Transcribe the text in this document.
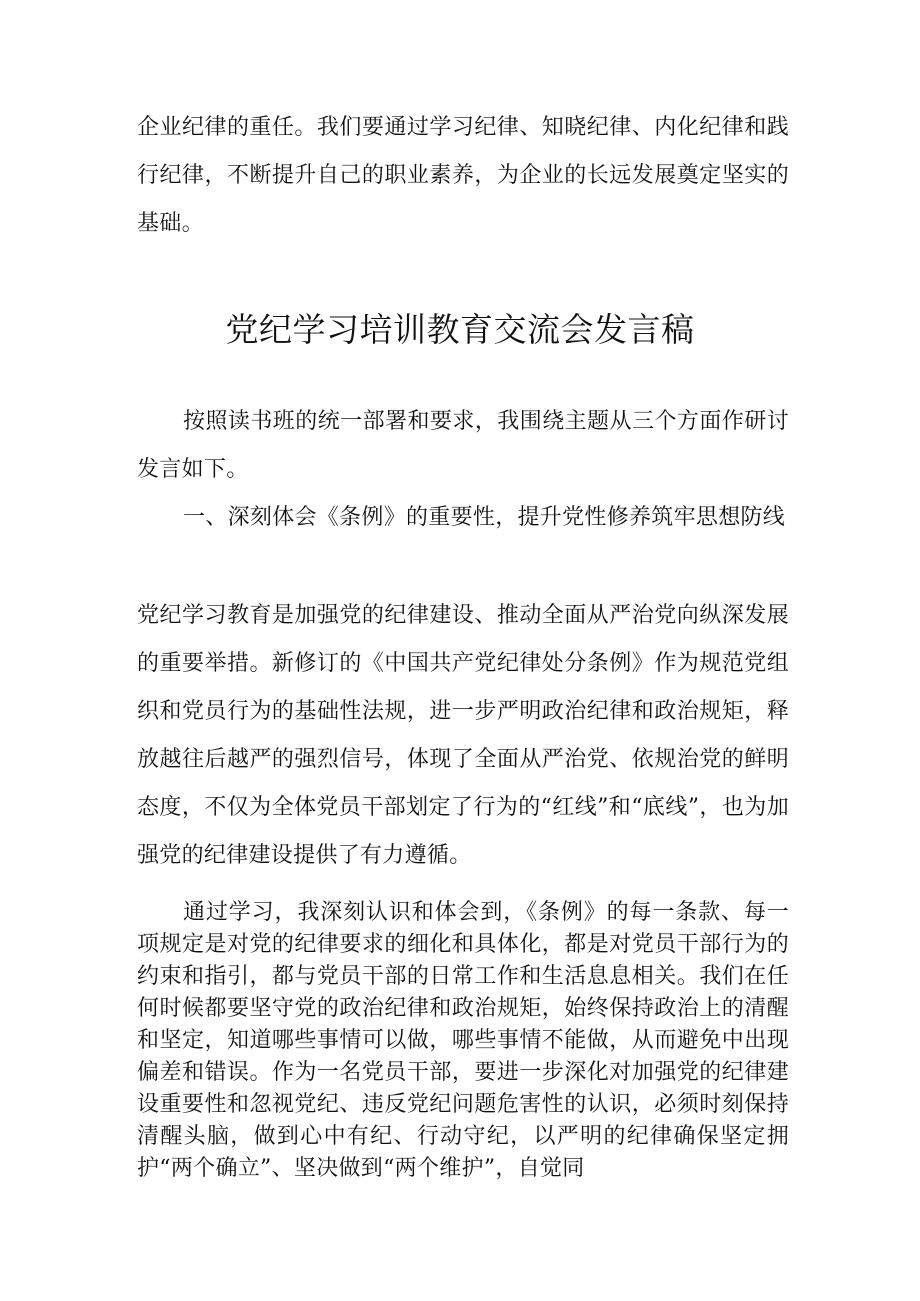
企业纪律的重任。我们要通过学习纪律、知晓纪律、内化纪律和践行纪律，不断提升自己的职业素养，为企业的长远发展奠定坚实的基础。

党纪学习培训教育交流会发言稿

按照读书班的统一部署和要求，我围绕主题从三个方面作研讨发言如下。

一、深刻体会《条例》的重要性，提升党性修养筑牢思想防线

党纪学习教育是加强党的纪律建设、推动全面从严治党向纵深发展的重要举措。新修订的《中国共产党纪律处分条例》作为规范党组织和党员行为的基础性法规，进一步严明政治纪律和政治规矩，释放越往后越严的强烈信号，体现了全面从严治党、依规治党的鲜明态度，不仅为全体党员干部划定了行为的“红线”和“底线”，也为加强党的纪律建设提供了有力遵循。

通过学习，我深刻认识和体会到，《条例》的每一条款、每一项规定是对党的纪律要求的细化和具体化，都是对党员干部行为的约束和指引，都与党员干部的日常工作和生活息息相关。我们在任何时候都要坚守党的政治纪律和政治规矩，始终保持政治上的清醒和坚定，知道哪些事情可以做，哪些事情不能做，从而避免中出现偏差和错误。作为一名党员干部，要进一步深化对加强党的纪律建设重要性和忽视党纪、违反党纪问题危害性的认识，必须时刻保持清醒头脑，做到心中有纪、行动守纪，以严明的纪律确保坚定拥护“两个确立”、坚决做到“两个维护”，自觉同
